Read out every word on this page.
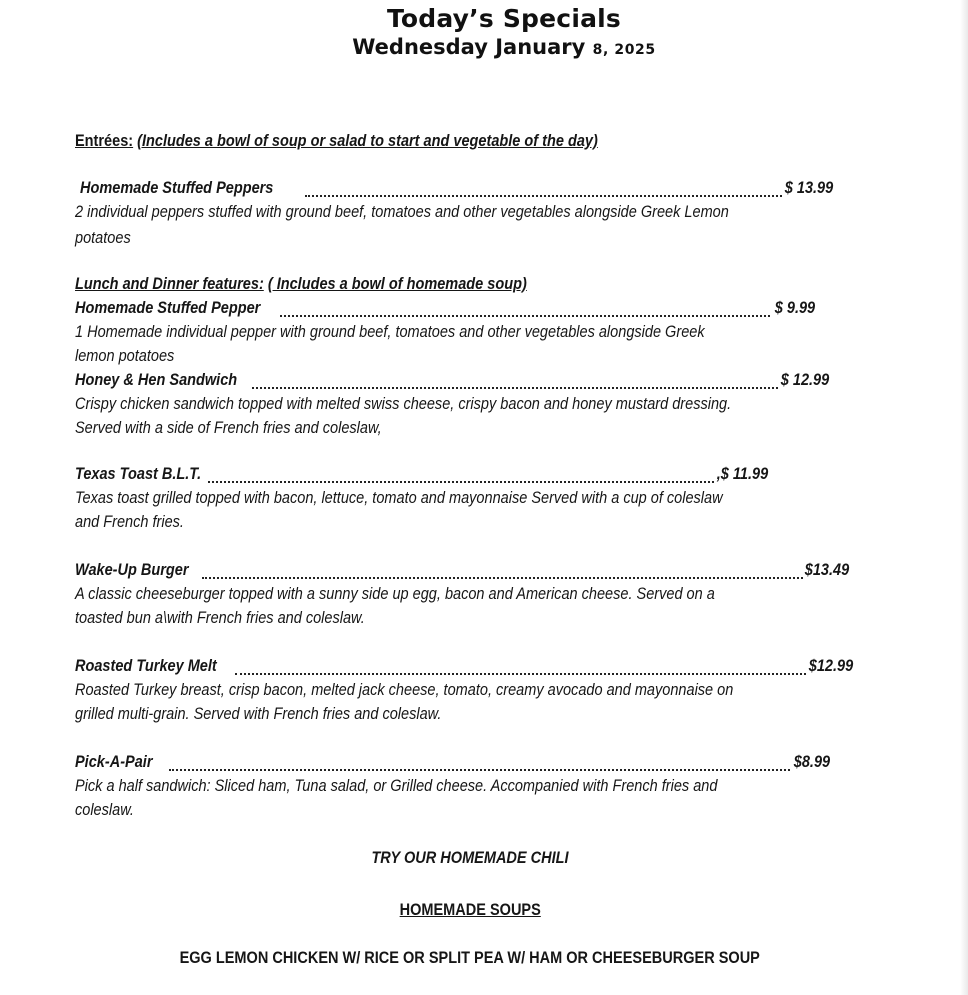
Today’s Specials
Wednesday January 8, 2025
Entrées: (Includes a bowl of soup or salad to start and vegetable of the day)
Homemade Stuffed Peppers	$ 13.99
2 individual peppers stuffed with ground beef, tomatoes and other vegetables alongside Greek Lemon
potatoes
Lunch and Dinner features: ( Includes a bowl of homemade soup)
Homemade Stuffed Pepper	$ 9.99
1 Homemade individual pepper with ground beef, tomatoes and other vegetables alongside Greek
lemon potatoes
Honey & Hen Sandwich	$ 12.99
Crispy chicken sandwich topped with melted swiss cheese, crispy bacon and honey mustard dressing.
Served with a side of French fries and coleslaw,
Texas Toast B.L.T.	,$ 11.99
Texas toast grilled topped with bacon, lettuce, tomato and mayonnaise Served with a cup of coleslaw
and French fries.
Wake-Up Burger	$13.49
A classic cheeseburger topped with a sunny side up egg, bacon and American cheese. Served on a
toasted bun a\with French fries and coleslaw.
Roasted Turkey Melt	$12.99
Roasted Turkey breast, crisp bacon, melted jack cheese, tomato, creamy avocado and mayonnaise on
grilled multi-grain. Served with French fries and coleslaw.
Pick-A-Pair	$8.99
Pick a half sandwich: Sliced ham, Tuna salad, or Grilled cheese. Accompanied with French fries and
coleslaw.
TRY OUR HOMEMADE CHILI
HOMEMADE SOUPS
EGG LEMON CHICKEN W/ RICE OR SPLIT PEA W/ HAM OR CHEESEBURGER SOUP
